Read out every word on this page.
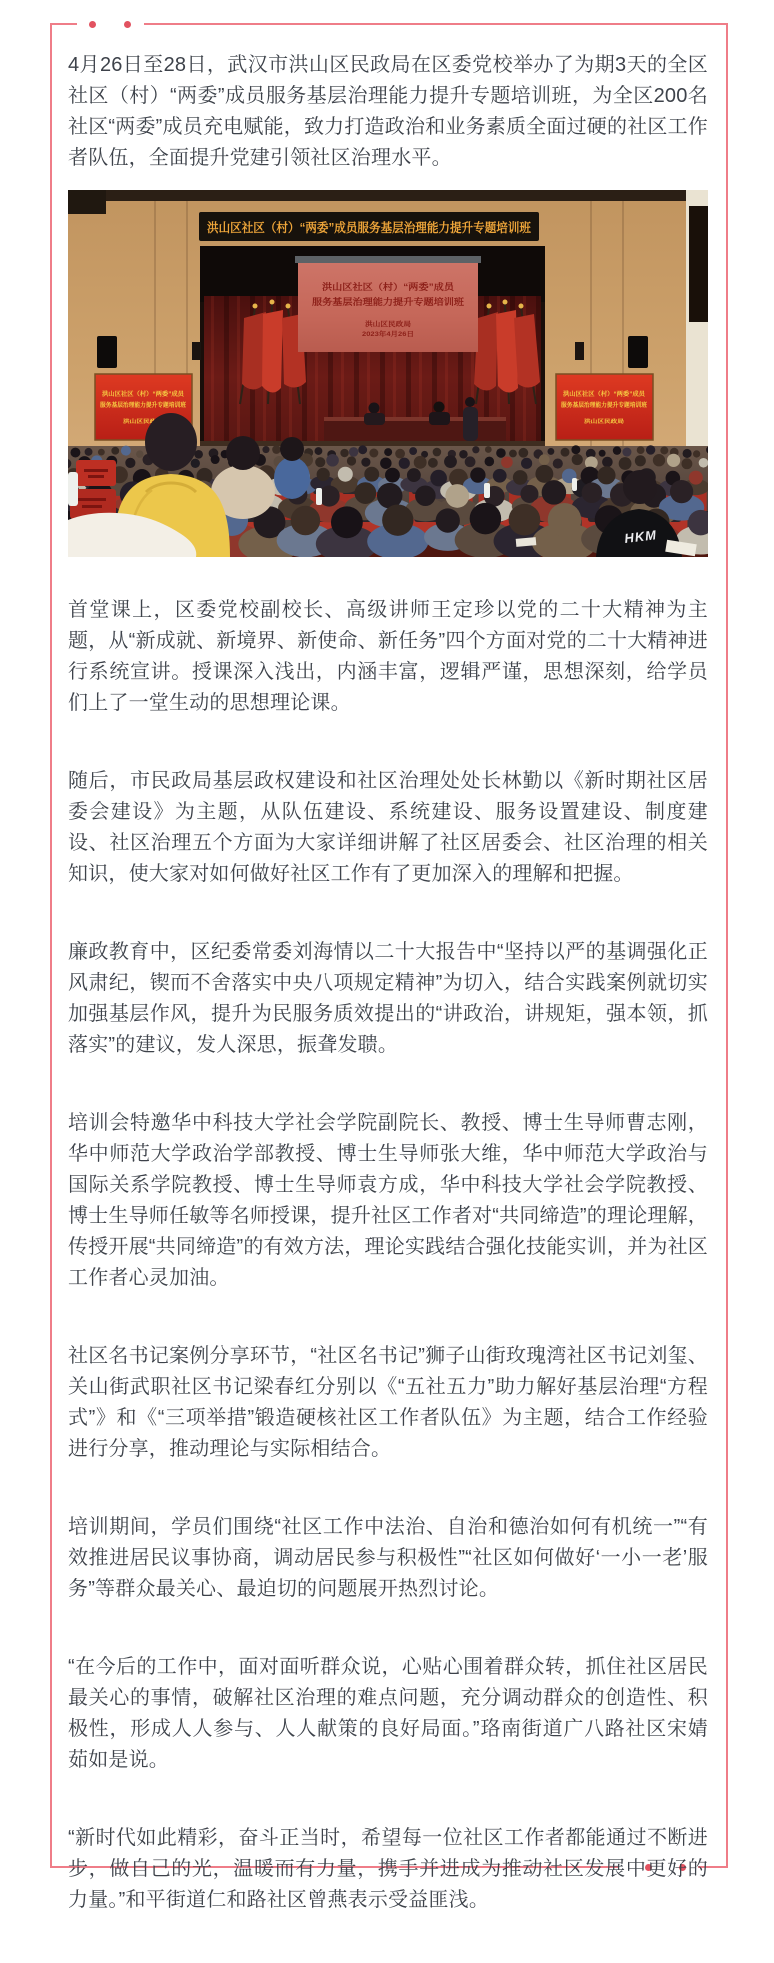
4月26日至28日，武汉市洪山区民政局在区委党校举办了为期3天的全区社区（村）“两委”成员服务基层治理能力提升专题培训班，为全区200名社区“两委”成员充电赋能，致力打造政治和业务素质全面过硬的社区工作者队伍，全面提升党建引领社区治理水平。

洪山区社区（村）“两委”成员服务基层治理能力提升专题培训班
洪山区社区（村）“两委”成员
服务基层治理能力提升专题培训班
洪山区民政局
2023年4月26日
洪山区社区（村）“两委”成员
服务基层治理能力提升专题培训班
洪山区民政局
洪山区社区（村）“两委”成员
服务基层治理能力提升专题培训班
洪山区民政局
HKM

首堂课上，区委党校副校长、高级讲师王定珍以党的二十大精神为主题，从“新成就、新境界、新使命、新任务”四个方面对党的二十大精神进行系统宣讲。授课深入浅出，内涵丰富，逻辑严谨，思想深刻，给学员们上了一堂生动的思想理论课。

随后，市民政局基层政权建设和社区治理处处长林勤以《新时期社区居委会建设》为主题，从队伍建设、系统建设、服务设置建设、制度建设、社区治理五个方面为大家详细讲解了社区居委会、社区治理的相关知识，使大家对如何做好社区工作有了更加深入的理解和把握。

廉政教育中，区纪委常委刘海情以二十大报告中“坚持以严的基调强化正风肃纪，锲而不舍落实中央八项规定精神”为切入，结合实践案例就切实加强基层作风，提升为民服务质效提出的“讲政治，讲规矩，强本领，抓落实”的建议，发人深思，振聋发聩。

培训会特邀华中科技大学社会学院副院长、教授、博士生导师曹志刚，华中师范大学政治学部教授、博士生导师张大维，华中师范大学政治与国际关系学院教授、博士生导师袁方成，华中科技大学社会学院教授、博士生导师任敏等名师授课，提升社区工作者对“共同缔造”的理论理解，传授开展“共同缔造”的有效方法，理论实践结合强化技能实训，并为社区工作者心灵加油。

社区名书记案例分享环节，“社区名书记”狮子山街玫瑰湾社区书记刘玺、关山街武职社区书记梁春红分别以《“五社五力”助力解好基层治理“方程式”》和《“三项举措”锻造硬核社区工作者队伍》为主题，结合工作经验进行分享，推动理论与实际相结合。

培训期间，学员们围绕“社区工作中法治、自治和德治如何有机统一”“有效推进居民议事协商，调动居民参与积极性”“社区如何做好‘一小一老’服务”等群众最关心、最迫切的问题展开热烈讨论。

“在今后的工作中，面对面听群众说，心贴心围着群众转，抓住社区居民最关心的事情，破解社区治理的难点问题，充分调动群众的创造性、积极性，形成人人参与、人人献策的良好局面。”珞南街道广八路社区宋婧茹如是说。

“新时代如此精彩，奋斗正当时，希望每一位社区工作者都能通过不断进步，做自己的光，温暖而有力量，携手并进成为推动社区发展中更好的力量。”和平街道仁和路社区曾燕表示受益匪浅。
